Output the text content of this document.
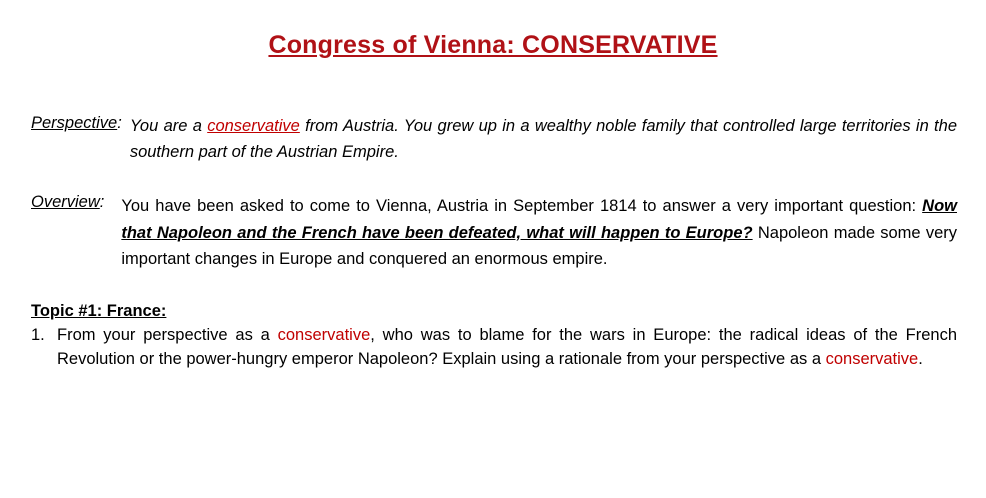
Congress of Vienna: CONSERVATIVE
Perspective : You are a conservative from Austria. You grew up in a wealthy noble family that controlled large territories in the southern part of the Austrian Empire.
Overview : You have been asked to come to Vienna, Austria in September 1814 to answer a very important question: Now that Napoleon and the French have been defeated, what will happen to Europe? Napoleon made some very important changes in Europe and conquered an enormous empire.
Topic #1: France:
1. From your perspective as a conservative, who was to blame for the wars in Europe: the radical ideas of the French Revolution or the power-hungry emperor Napoleon? Explain using a rationale from your perspective as a conservative.
